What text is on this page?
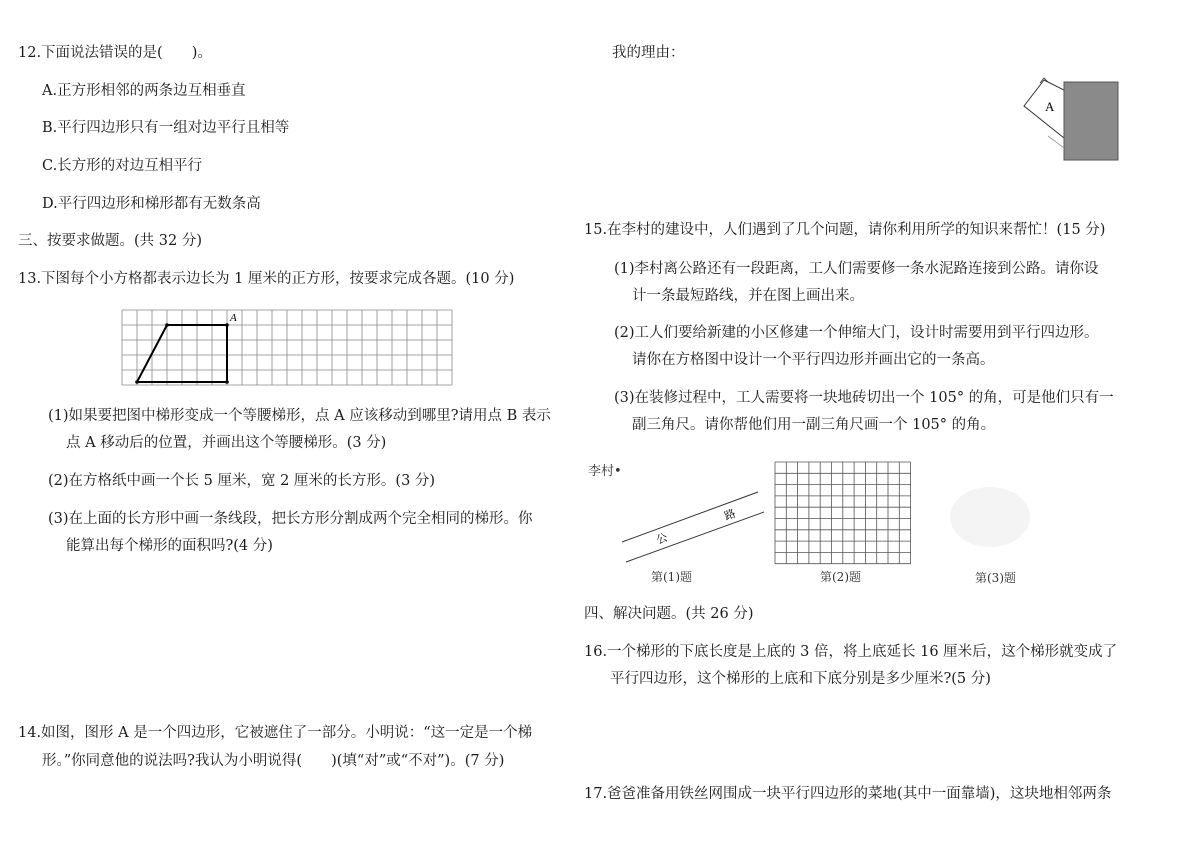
12.下面说法错误的是(　　)。
A.正方形相邻的两条边互相垂直
B.平行四边形只有一组对边平行且相等
C.长方形的对边互相平行
D.平行四边形和梯形都有无数条高
三、按要求做题。(共 32 分)
13.下图每个小方格都表示边长为 1 厘米的正方形，按要求完成各题。(10 分)
A
(1)如果要把图中梯形变成一个等腰梯形，点 A 应该移动到哪里?请用点 B 表示
点 A 移动后的位置，并画出这个等腰梯形。(3 分)
(2)在方格纸中画一个长 5 厘米，宽 2 厘米的长方形。(3 分)
(3)在上面的长方形中画一条线段，把长方形分割成两个完全相同的梯形。你
能算出每个梯形的面积吗?(4 分)
14.如图，图形 A 是一个四边形，它被遮住了一部分。小明说：“这一定是一个梯
形。”你同意他的说法吗?我认为小明说得(　　)(填“对”或“不对”)。(7 分)
我的理由：
A
15.在李村的建设中，人们遇到了几个问题，请你利用所学的知识来帮忙！(15 分)
(1)李村离公路还有一段距离，工人们需要修一条水泥路连接到公路。请你设
计一条最短路线，并在图上画出来。
(2)工人们要给新建的小区修建一个伸缩大门，设计时需要用到平行四边形。
请你在方格图中设计一个平行四边形并画出它的一条高。
(3)在装修过程中，工人需要将一块地砖切出一个 105° 的角，可是他们只有一
副三角尺。请你帮他们用一副三角尺画一个 105° 的角。
李村•
公
路
第(1)题	第(2)题	第(3)题
四、解决问题。(共 26 分)
16.一个梯形的下底长度是上底的 3 倍，将上底延长 16 厘米后，这个梯形就变成了
平行四边形，这个梯形的上底和下底分别是多少厘米?(5 分)
17.爸爸准备用铁丝网围成一块平行四边形的菜地(其中一面靠墙)，这块地相邻两条
